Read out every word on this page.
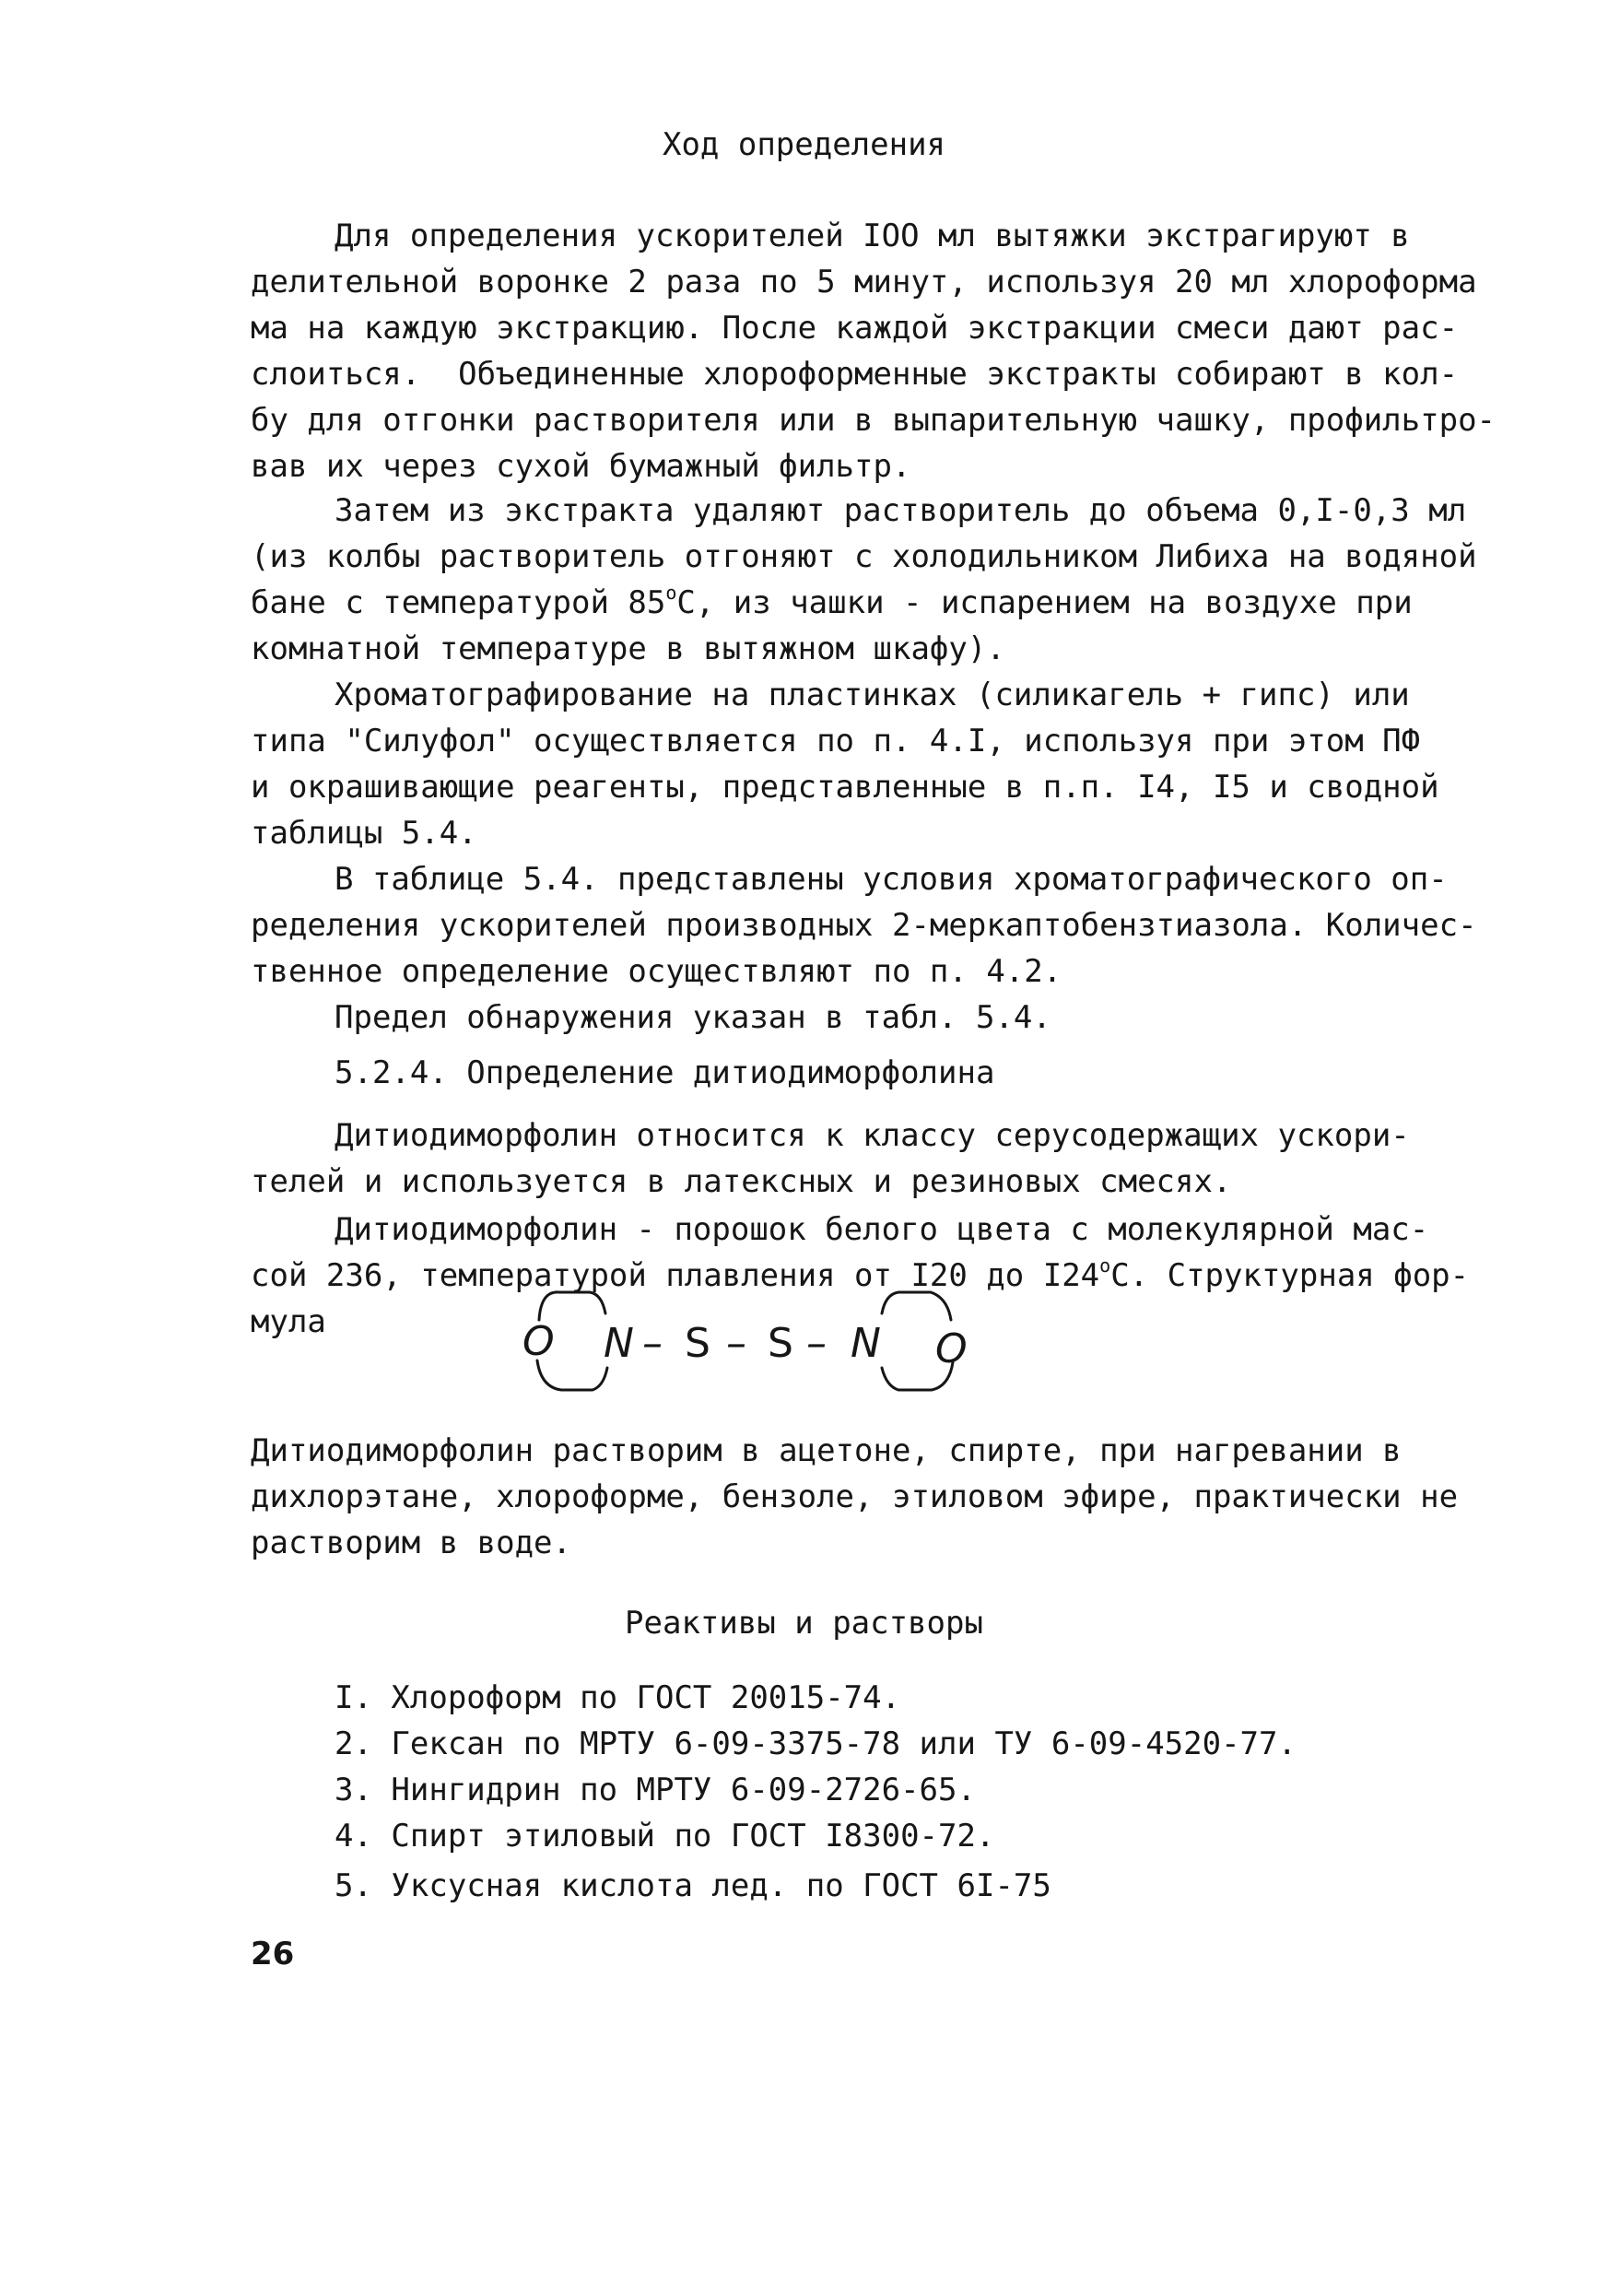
Ход определения
Для определения ускорителей IOO мл вытяжки экстрагируют в
делительной воронке 2 раза по 5 минут, используя 20 мл хлороформа
ма на каждую экстракцию. После каждой экстракции смеси дают рас-
слоиться.  Объединенные хлороформенные экстракты собирают в кол-
бу для отгонки растворителя или в выпарительную чашку, профильтро-
вав их через сухой бумажный фильтр.
Затем из экстракта удаляют растворитель до объема 0,I-0,3 мл
(из колбы растворитель отгоняют с холодильником Либиха на водяной
бане с температурой 85$^o$С, из чашки - испарением на воздухе при
комнатной температуре в вытяжном шкафу).
Хроматографирование на пластинках (силикагель + гипс) или
типа "Силуфол" осуществляется по п. 4.I, используя при этом ПФ
и окрашивающие реагенты, представленные в п.п. I4, I5 и сводной
таблицы 5.4.
В таблице 5.4. представлены условия хроматографического оп-
ределения ускорителей производных 2-меркаптобензтиазола. Количес-
твенное определение осуществляют по п. 4.2.
Предел обнаружения указан в табл. 5.4.
5.2.4. Определение дитиодиморфолина
Дитиодиморфолин относится к классу серусодержащих ускори-
телей и используется в латексных и резиновых смесях.
Дитиодиморфолин - порошок белого цвета с молекулярной мас-
сой 236, температурой плавления от I20 до I24$^o$С. Структурная фор-
мула	O N – S – S – N O
Дитиодиморфолин растворим в ацетоне, спирте, при нагревании в
дихлорэтане, хлороформе, бензоле, этиловом эфире, практически не
растворим в воде.
Реактивы и растворы
I. Хлороформ по ГОСТ 20015-74.
2. Гексан по МРТУ 6-09-3375-78 или ТУ 6-09-4520-77.
3. Нингидрин по МРТУ 6-09-2726-65.
4. Спирт этиловый по ГОСТ I8300-72.
5. Уксусная кислота лед. по ГОСТ 6I-75
26
